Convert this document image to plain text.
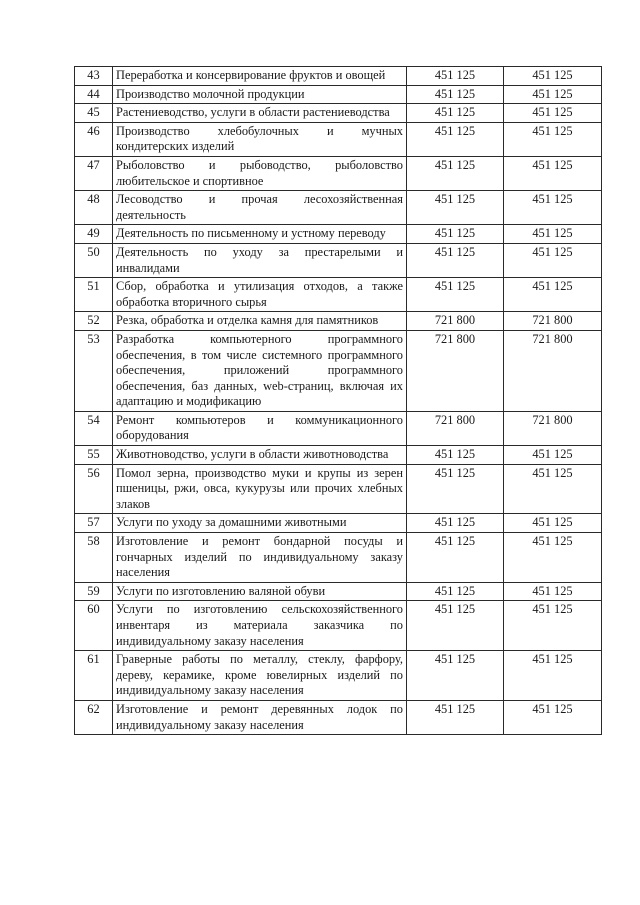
43	Переработка и консервирование фруктов и овощей	451 125	451 125
44	Производство молочной продукции	451 125	451 125
45	Растениеводство, услуги в области растениеводства	451 125	451 125
46	Производство хлебобулочных и мучных кондитерских изделий	451 125	451 125
47	Рыболовство и рыбоводство, рыболовство любительское и спортивное	451 125	451 125
48	Лесоводство и прочая лесохозяйственная деятельность	451 125	451 125
49	Деятельность по письменному и устному переводу	451 125	451 125
50	Деятельность по уходу за престарелыми и инвалидами	451 125	451 125
51	Сбор, обработка и утилизация отходов, а также обработка вторичного сырья	451 125	451 125
52	Резка, обработка и отделка камня для памятников	721 800	721 800
53	Разработка компьютерного программного обеспечения, в том числе системного программного обеспечения, приложений программного обеспечения, баз данных, web-страниц, включая их адаптацию и модификацию	721 800	721 800
54	Ремонт компьютеров и коммуникационного оборудования	721 800	721 800
55	Животноводство, услуги в области животноводства	451 125	451 125
56	Помол зерна, производство муки и крупы из зерен пшеницы, ржи, овса, кукурузы или прочих хлебных злаков	451 125	451 125
57	Услуги по уходу за домашними животными	451 125	451 125
58	Изготовление и ремонт бондарной посуды и гончарных изделий по индивидуальному заказу населения	451 125	451 125
59	Услуги по изготовлению валяной обуви	451 125	451 125
60	Услуги по изготовлению сельскохозяйственного инвентаря из материала заказчика по индивидуальному заказу населения	451 125	451 125
61	Граверные работы по металлу, стеклу, фарфору, дереву, керамике, кроме ювелирных изделий по индивидуальному заказу населения	451 125	451 125
62	Изготовление и ремонт деревянных лодок по индивидуальному заказу населения	451 125	451 125
